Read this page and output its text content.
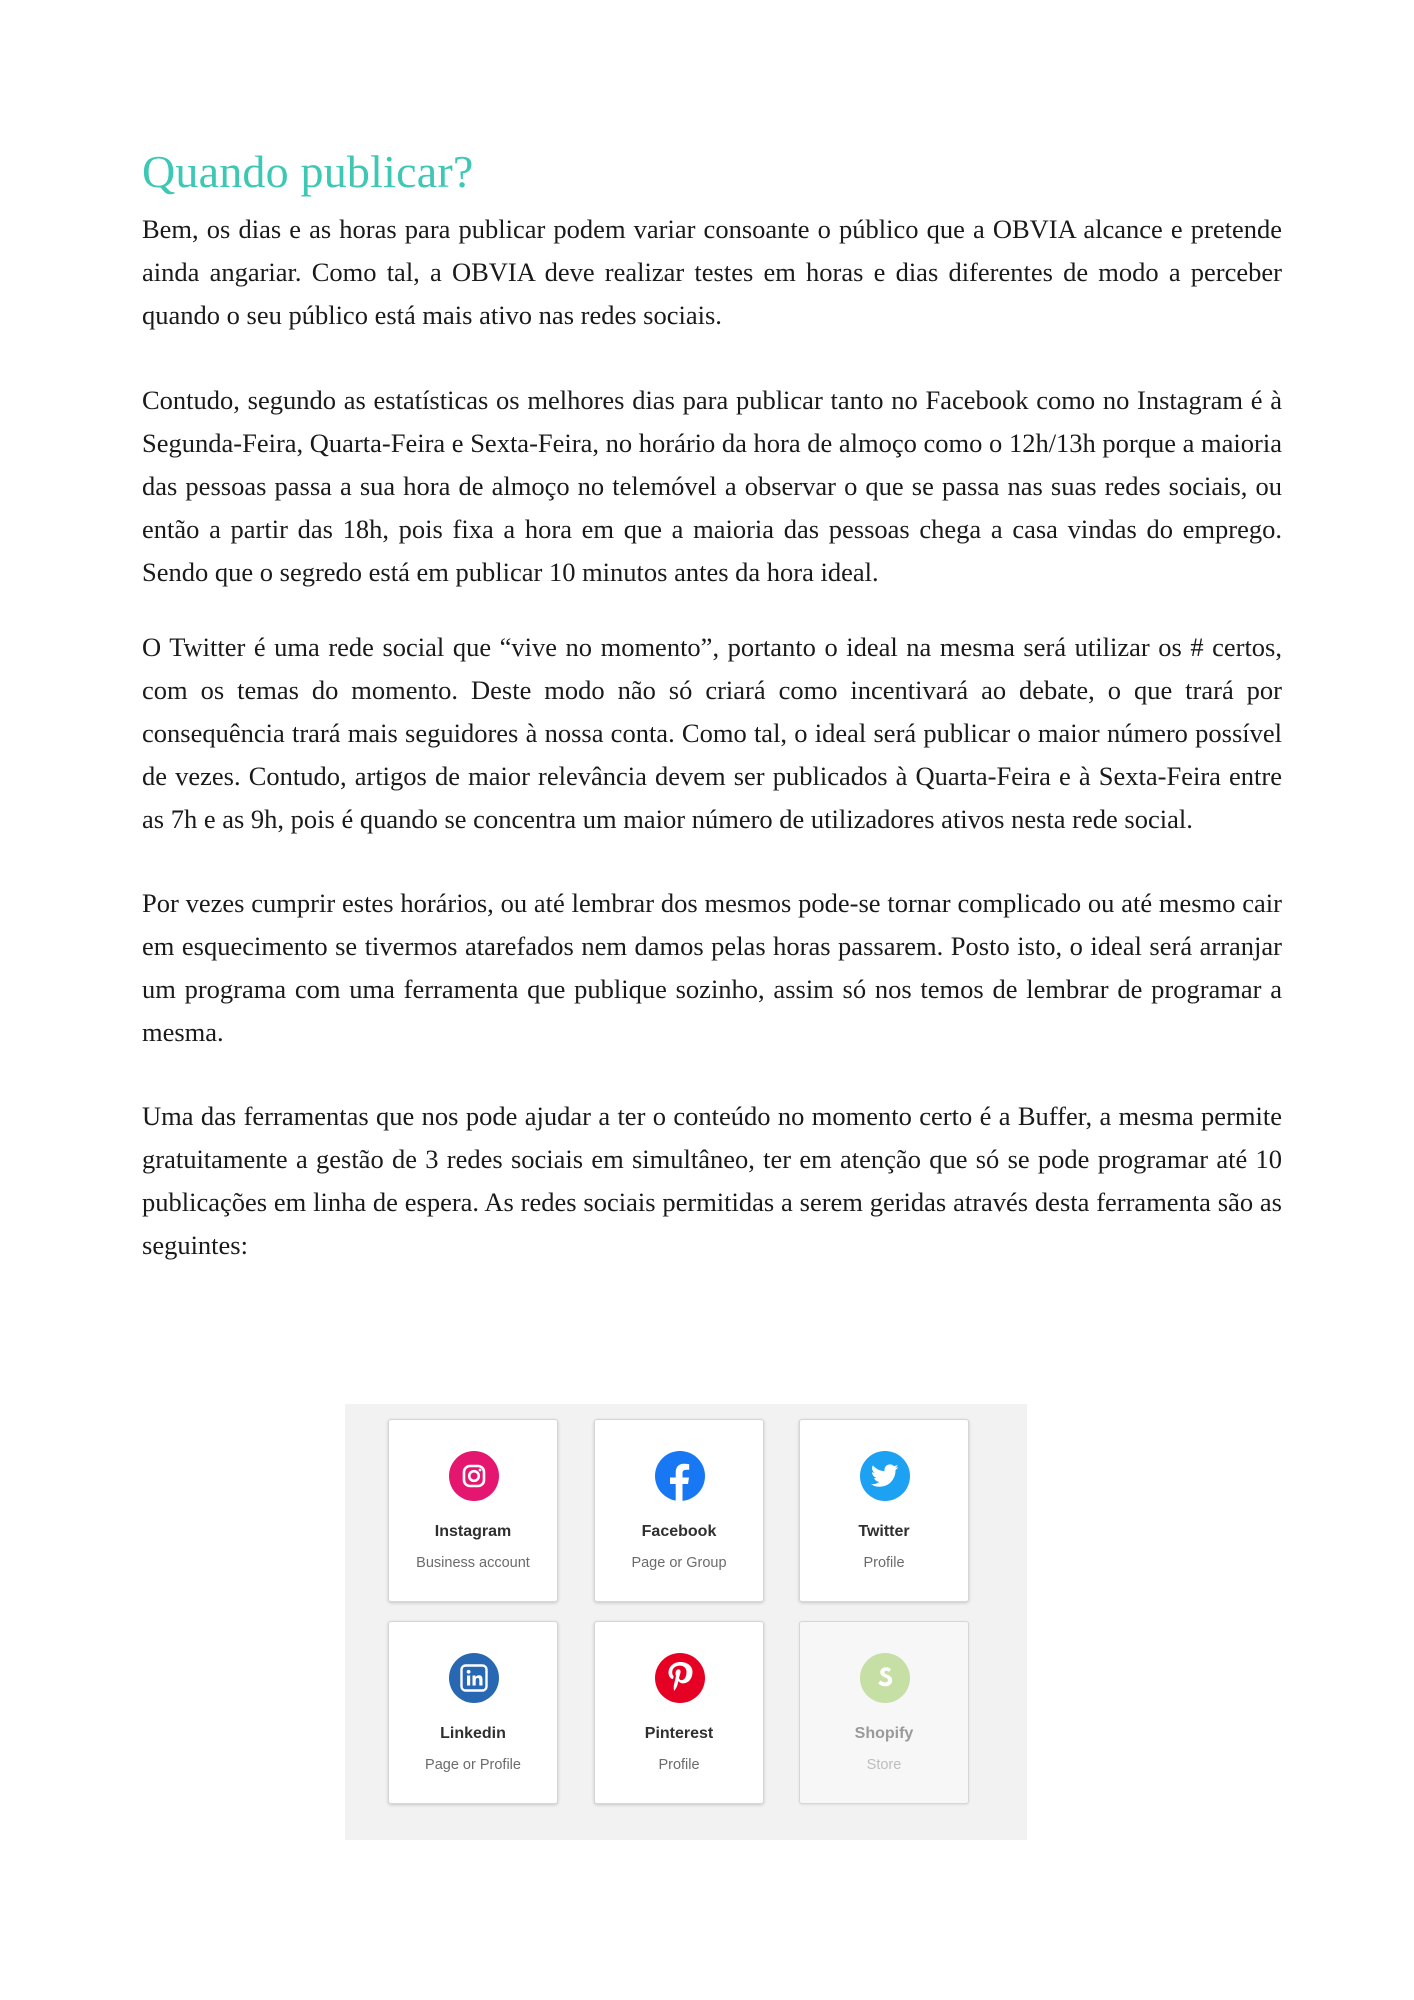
Quando publicar?

Bem, os dias e as horas para publicar podem variar consoante o público que a OBVIA alcance e pretende ainda angariar. Como tal, a OBVIA deve realizar testes em horas e dias diferentes de modo a perceber quando o seu público está mais ativo nas redes sociais.

Contudo, segundo as estatísticas os melhores dias para publicar tanto no Facebook como no Instagram é à Segunda-Feira, Quarta-Feira e Sexta-Feira, no horário da hora de almoço como o 12h/13h porque a maioria das pessoas passa a sua hora de almoço no telemóvel a observar o que se passa nas suas redes sociais, ou então a partir das 18h, pois fixa a hora em que a maioria das pessoas chega a casa vindas do emprego. Sendo que o segredo está em publicar 10 minutos antes da hora ideal.

O Twitter é uma rede social que “vive no momento”, portanto o ideal na mesma será utilizar os # certos, com os temas do momento. Deste modo não só criará como incentivará ao debate, o que trará por consequência trará mais seguidores à nossa conta. Como tal, o ideal será publicar o maior número possível de vezes. Contudo, artigos de maior relevância devem ser publicados à Quarta-Feira e à Sexta-Feira entre as 7h e as 9h, pois é quando se concentra um maior número de utilizadores ativos nesta rede social.

Por vezes cumprir estes horários, ou até lembrar dos mesmos pode-se tornar complicado ou até mesmo cair em esquecimento se tivermos atarefados nem damos pelas horas passarem. Posto isto, o ideal será arranjar um programa com uma ferramenta que publique sozinho, assim só nos temos de lembrar de programar a mesma.

Uma das ferramentas que nos pode ajudar a ter o conteúdo no momento certo é a Buffer, a mesma permite gratuitamente a gestão de 3 redes sociais em simultâneo, ter em atenção que só se pode programar até 10 publicações em linha de espera. As redes sociais permitidas a serem geridas através desta ferramenta são as seguintes:

Instagram
Business account
Facebook
Page or Group
Twitter
Profile
Linkedin
Page or Profile
Pinterest
Profile
Shopify
Store
